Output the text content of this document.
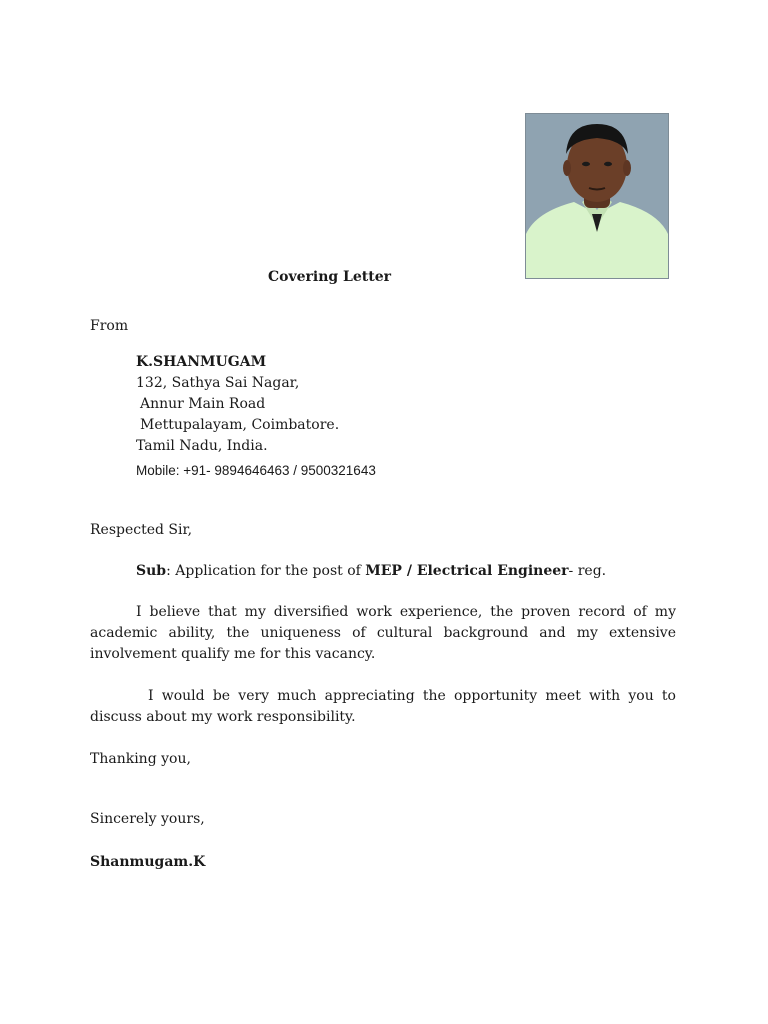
Covering Letter
From
K.SHANMUGAM
132, Sathya Sai Nagar,
Annur Main Road
Mettupalayam, Coimbatore.
Tamil Nadu, India.
Mobile: +91- 9894646463 / 9500321643
Respected Sir,
Sub: Application for the post of MEP / Electrical Engineer- reg.
I believe that my diversified work experience, the proven record of my academic ability, the uniqueness of cultural background and my extensive involvement qualify me for this vacancy.
I would be very much appreciating the opportunity meet with you to discuss about my work responsibility.
Thanking you,
Sincerely yours,
Shanmugam.K
